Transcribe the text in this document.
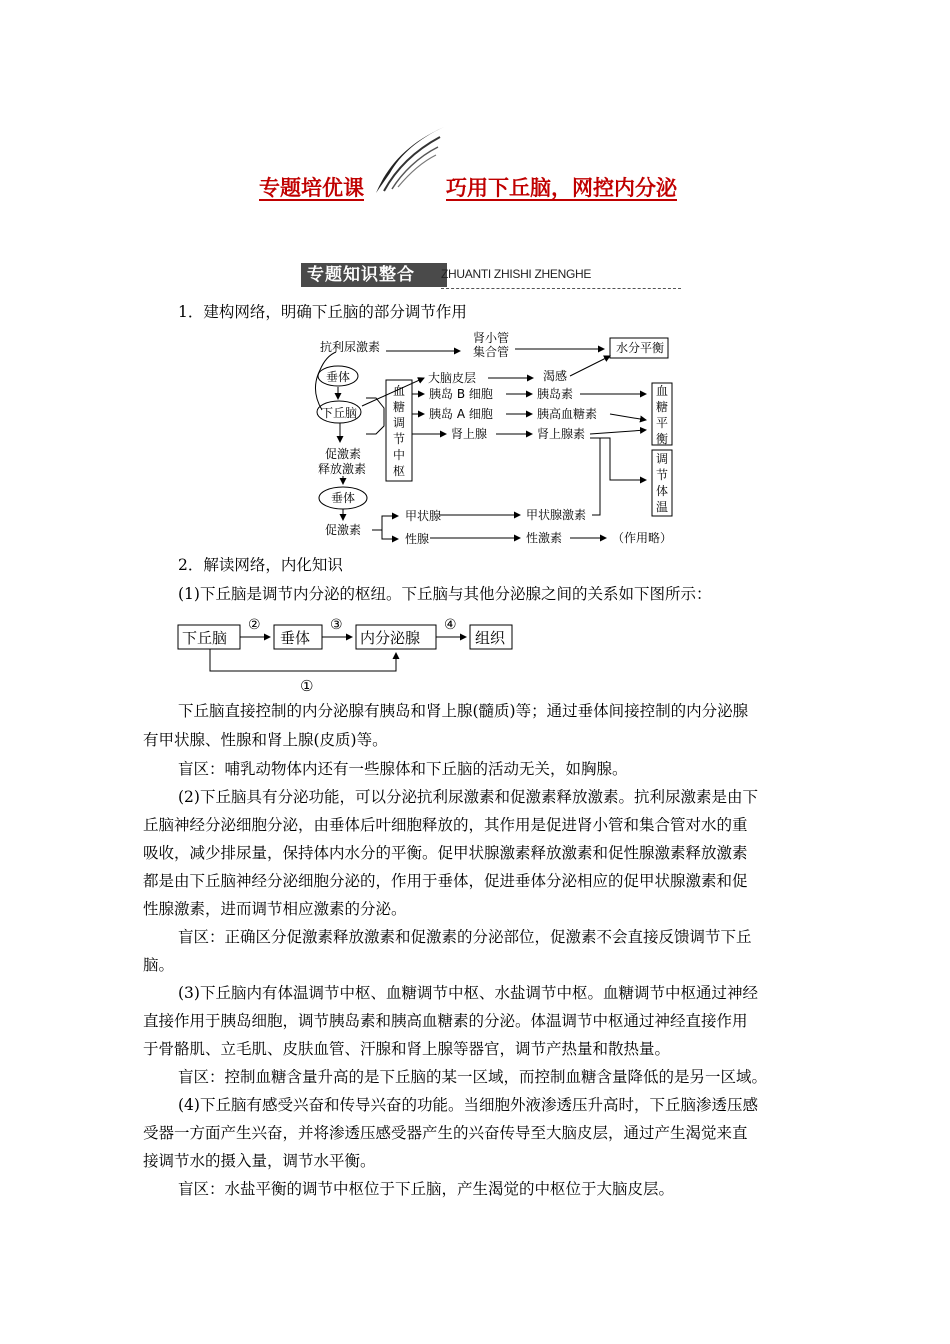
专题培优课	巧用下丘脑，网控内分泌
专题知识整合	ZHUANTI ZHISHI ZHENGHE
1．建构网络，明确下丘脑的部分调节作用
抗利尿激素
肾小管
集合管	水分平衡
垂体	大脑皮层	渴感
下丘脑
血
糖
调
节
中
枢
胰岛 B 细胞	胰岛素
胰岛 A 细胞	胰高血糖素
肾上腺	肾上腺素
血
糖
平
衡
调
节
体
温
促激素
释放激素
垂体
促激素
甲状腺	甲状腺激素
性腺	性激素	（作用略）
2．解读网络，内化知识
(1)下丘脑是调节内分泌的枢纽。下丘脑与其他分泌腺之间的关系如下图所示：
下丘脑	垂体	内分泌腺	组织
②	③	④
①
下丘脑直接控制的内分泌腺有胰岛和肾上腺(髓质)等；通过垂体间接控制的内分泌腺
有甲状腺、性腺和肾上腺(皮质)等。
盲区：哺乳动物体内还有一些腺体和下丘脑的活动无关，如胸腺。
(2)下丘脑具有分泌功能，可以分泌抗利尿激素和促激素释放激素。抗利尿激素是由下
丘脑神经分泌细胞分泌，由垂体后叶细胞释放的，其作用是促进肾小管和集合管对水的重
吸收，减少排尿量，保持体内水分的平衡。促甲状腺激素释放激素和促性腺激素释放激素
都是由下丘脑神经分泌细胞分泌的，作用于垂体，促进垂体分泌相应的促甲状腺激素和促
性腺激素，进而调节相应激素的分泌。
盲区：正确区分促激素释放激素和促激素的分泌部位，促激素不会直接反馈调节下丘
脑。
(3)下丘脑内有体温调节中枢、血糖调节中枢、水盐调节中枢。血糖调节中枢通过神经
直接作用于胰岛细胞，调节胰岛素和胰高血糖素的分泌。体温调节中枢通过神经直接作用
于骨骼肌、立毛肌、皮肤血管、汗腺和肾上腺等器官，调节产热量和散热量。
盲区：控制血糖含量升高的是下丘脑的某一区域，而控制血糖含量降低的是另一区域。
(4)下丘脑有感受兴奋和传导兴奋的功能。当细胞外液渗透压升高时，下丘脑渗透压感
受器一方面产生兴奋，并将渗透压感受器产生的兴奋传导至大脑皮层，通过产生渴觉来直
接调节水的摄入量，调节水平衡。
盲区：水盐平衡的调节中枢位于下丘脑，产生渴觉的中枢位于大脑皮层。
